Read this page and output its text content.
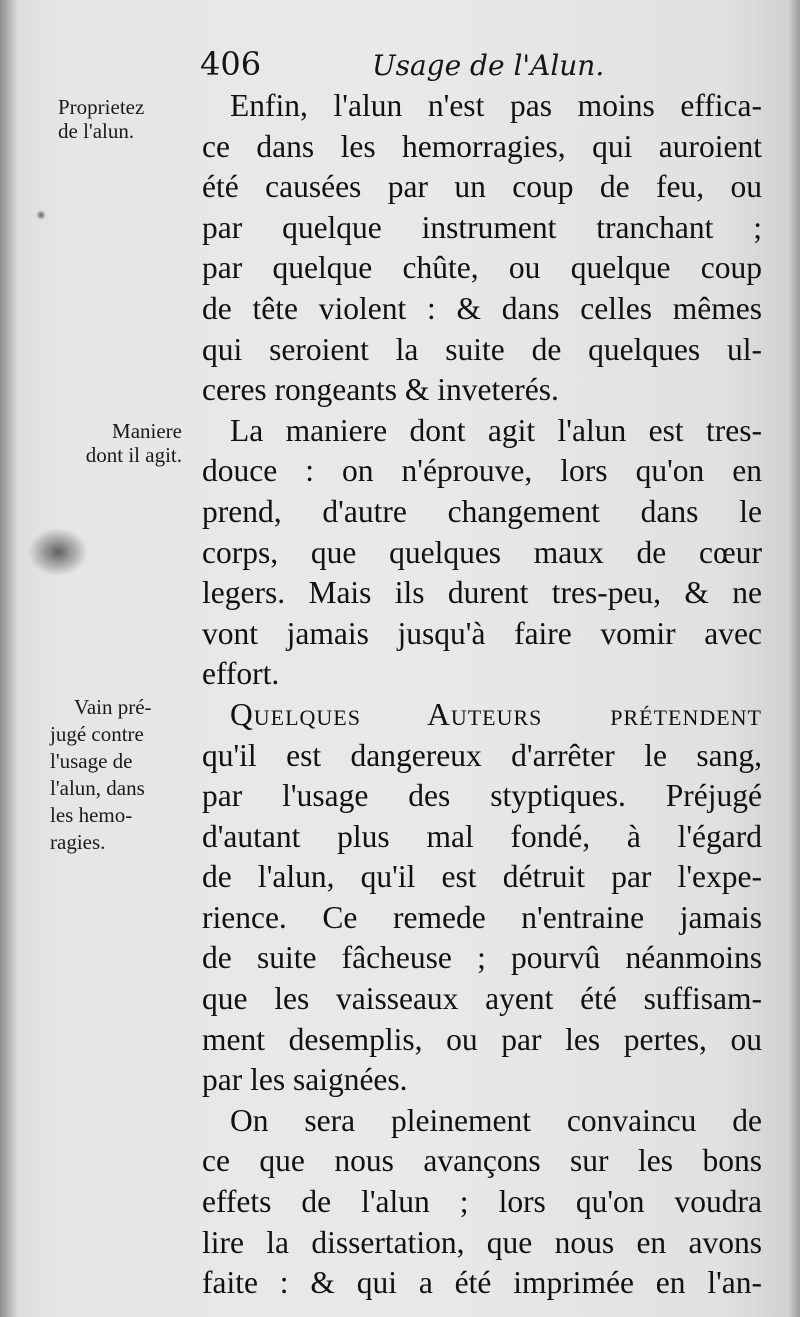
406	Usage de l'Alun.
Proprietez
de l'alun.
Maniere
dont il agit.
Vain pré-
jugé contre
l'usage de
l'alun, dans
les hemo-
ragies.
Enfin, l'alun n'est pas moins effica-
ce dans les hemorragies, qui auroient
été causées par un coup de feu, ou
par quelque instrument tranchant ;
par quelque chûte, ou quelque coup
de tête violent : & dans celles mêmes
qui seroient la suite de quelques ul-
ceres rongeants & inveterés.
La maniere dont agit l'alun est tres-
douce : on n'éprouve, lors qu'on en
prend, d'autre changement dans le
corps, que quelques maux de cœur
legers. Mais ils durent tres-peu, & ne
vont jamais jusqu'à faire vomir avec
effort.
Quelques Auteurs prétendent
qu'il est dangereux d'arrêter le sang,
par l'usage des styptiques. Préjugé
d'autant plus mal fondé, à l'égard
de l'alun, qu'il est détruit par l'expe-
rience. Ce remede n'entraine jamais
de suite fâcheuse ; pourvû néanmoins
que les vaisseaux ayent été suffisam-
ment desemplis, ou par les pertes, ou
par les saignées.
On sera pleinement convaincu de
ce que nous avançons sur les bons
effets de l'alun ; lors qu'on voudra
lire la dissertation, que nous en avons
faite : & qui a été imprimée en l'an-
